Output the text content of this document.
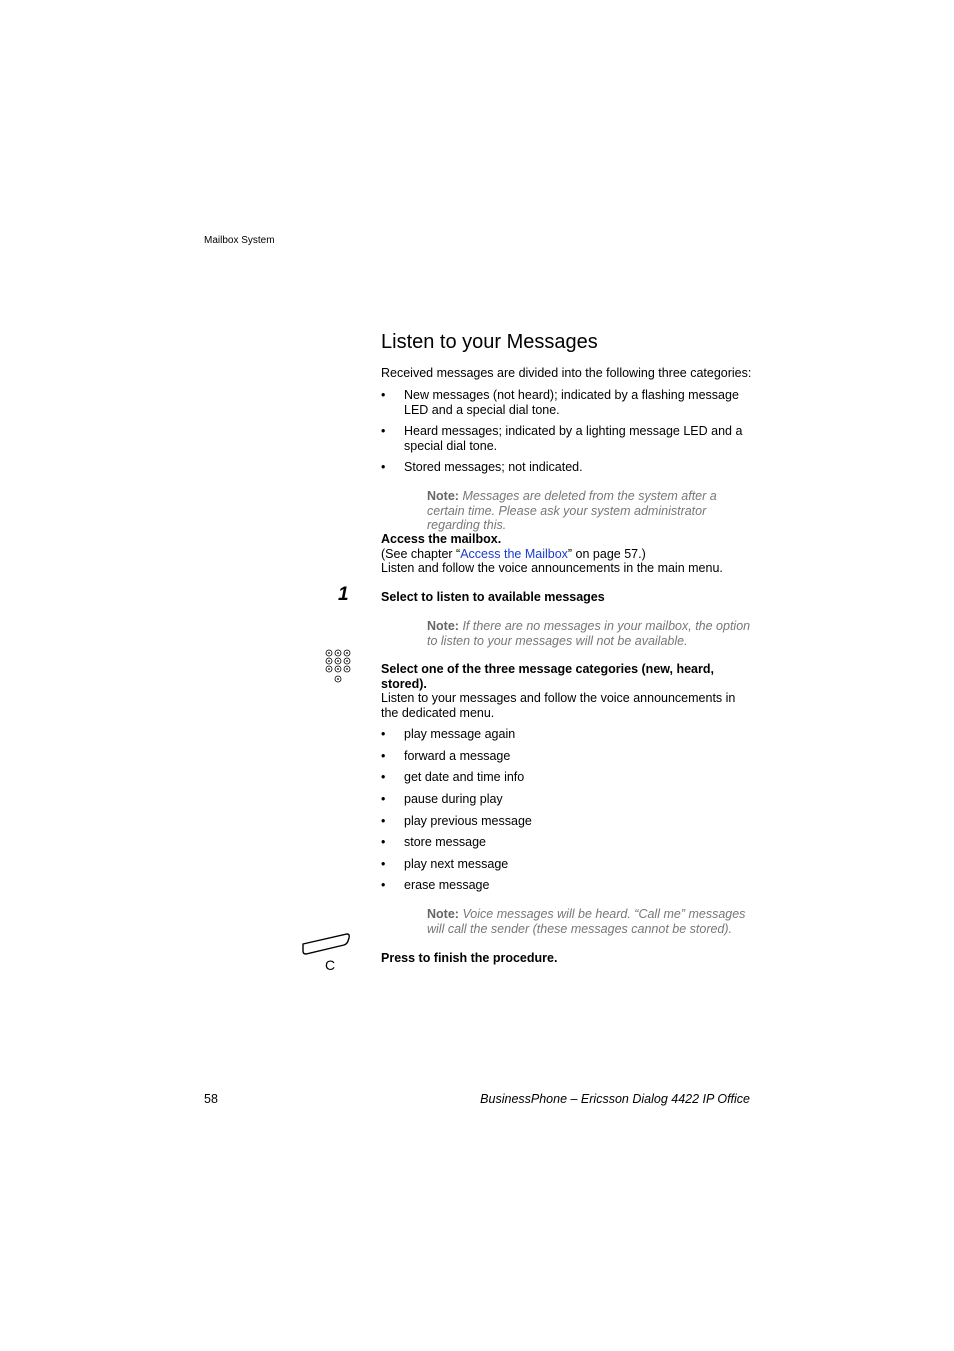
Mailbox System
Listen to your Messages
Received messages are divided into the following three categories:
• New messages (not heard); indicated by a flashing message LED and a special dial tone.
• Heard messages; indicated by a lighting message LED and a special dial tone.
• Stored messages; not indicated.
Note: Messages are deleted from the system after a certain time. Please ask your system administrator regarding this.
Access the mailbox.
(See chapter “Access the Mailbox” on page 57.)
Listen and follow the voice announcements in the main menu.
1	Select to listen to available messages
Note: If there are no messages in your mailbox, the option to listen to your messages will not be available.
Select one of the three message categories (new, heard, stored).
Listen to your messages and follow the voice announcements in the dedicated menu.
• play message again
• forward a message
• get date and time info
• pause during play
• play previous message
• store message
• play next message
• erase message
Note: Voice messages will be heard. “Call me” messages will call the sender (these messages cannot be stored).
C	Press to finish the procedure.
58	BusinessPhone – Ericsson Dialog 4422 IP Office
